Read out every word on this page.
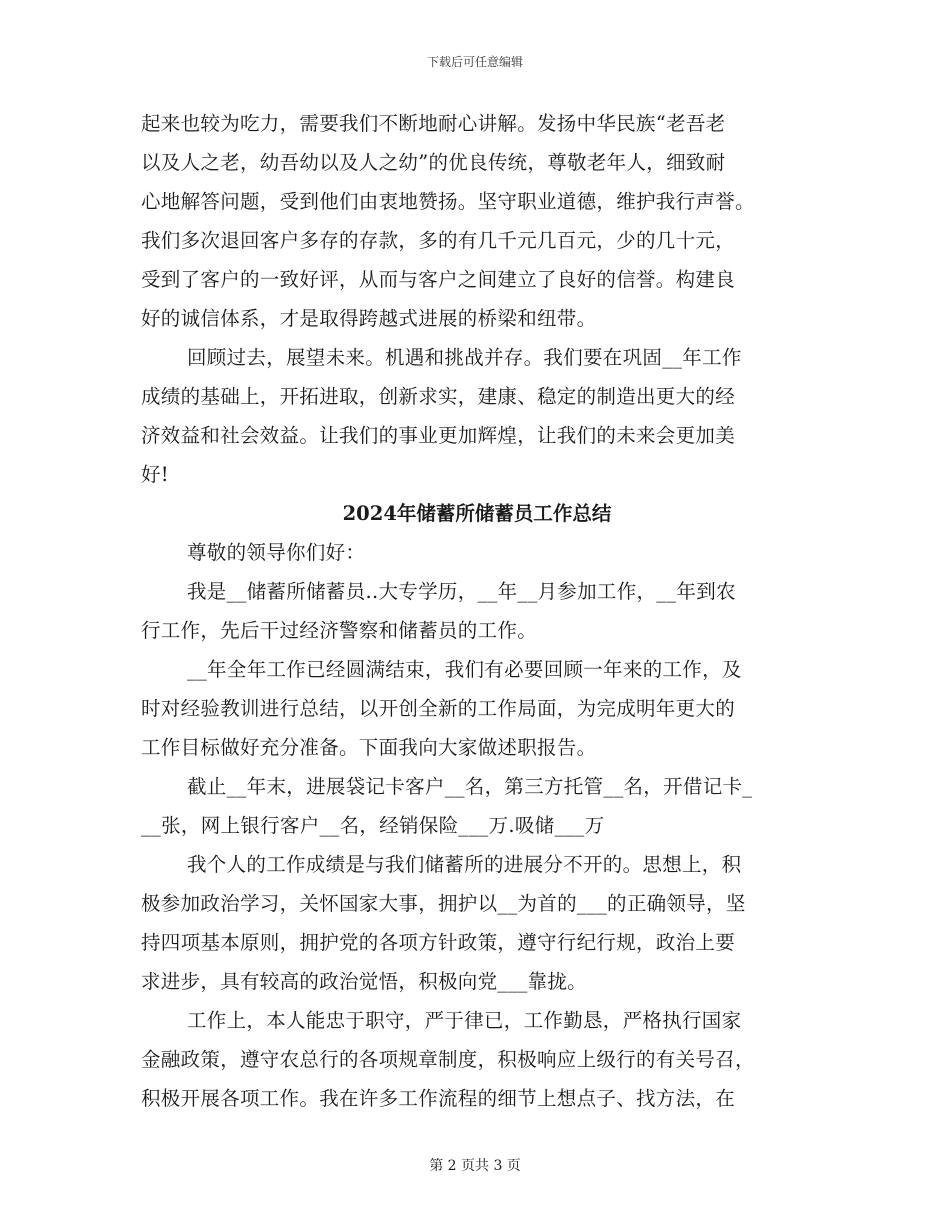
下载后可任意编辑
起来也较为吃力，需要我们不断地耐心讲解。发扬中华民族“老吾老
以及人之老，幼吾幼以及人之幼”的优良传统，尊敬老年人，细致耐
心地解答问题，受到他们由衷地赞扬。坚守职业道德，维护我行声誉。
我们多次退回客户多存的存款，多的有几千元几百元，少的几十元，
受到了客户的一致好评，从而与客户之间建立了良好的信誉。构建良
好的诚信体系，才是取得跨越式进展的桥梁和纽带。
回顾过去，展望未来。机遇和挑战并存。我们要在巩固__年工作
成绩的基础上，开拓进取，创新求实，建康、稳定的制造出更大的经
济效益和社会效益。让我们的事业更加辉煌，让我们的未来会更加美
好!
2024年储蓄所储蓄员工作总结
尊敬的领导你们好：
我是__储蓄所储蓄员..大专学历，__年__月参加工作，__年到农
行工作，先后干过经济警察和储蓄员的工作。
__年全年工作已经圆满结束，我们有必要回顾一年来的工作，及
时对经验教训进行总结，以开创全新的工作局面，为完成明年更大的
工作目标做好充分准备。下面我向大家做述职报告。
截止__年末，进展袋记卡客户__名，第三方托管__名，开借记卡_
__张，网上银行客户__名，经销保险___万.吸储___万
我个人的工作成绩是与我们储蓄所的进展分不开的。思想上，积
极参加政治学习，关怀国家大事，拥护以__为首的___的正确领导，坚
持四项基本原则，拥护党的各项方针政策，遵守行纪行规，政治上要
求进步，具有较高的政治觉悟，积极向党___靠拢。
工作上，本人能忠于职守，严于律已，工作勤恳，严格执行国家
金融政策，遵守农总行的各项规章制度，积极响应上级行的有关号召，
积极开展各项工作。我在许多工作流程的细节上想点子、找方法，在
第 2 页共 3 页
